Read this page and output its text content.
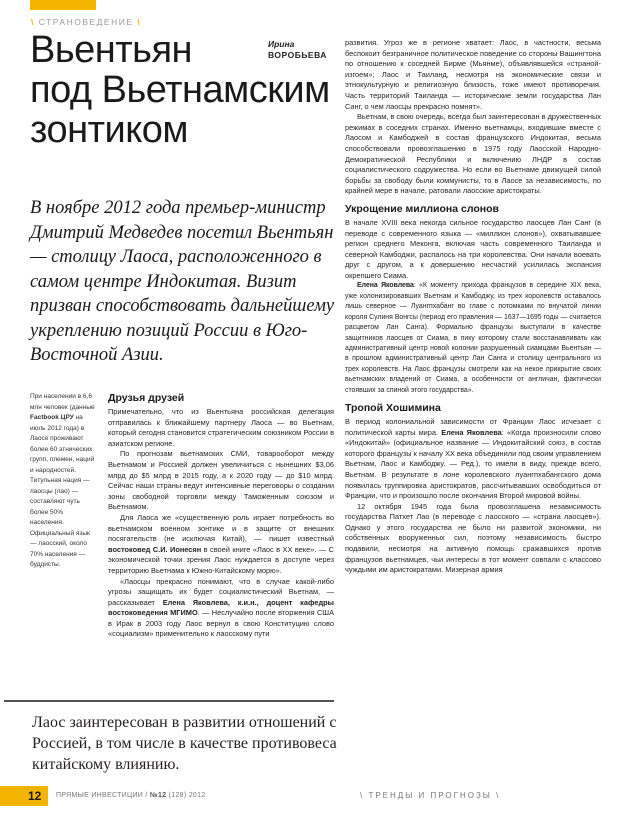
\ СТРАНОВЕДЕНИЕ \
Вьентьян
под Вьетнамским
зонтиком
Ирина
ВОРОБЬЕВА

В ноябре 2012 года премьер-министр Дмитрий Медведев посетил Вьентьян — столицу Лаоса, расположенного в самом центре Индокитая. Визит призван способствовать дальнейшему укреплению позиций России в Юго-Восточной Азии.

При населении в 6,6 млн человек (данные Factbook ЦРУ на июль 2012 года) в Лаосе проживают более 60 этнических групп, племен, наций и народностей. Титульная нация — лаосцы (лао) — составляют чуть более 50% населения. Официальный язык — лаосский, около 70% населения — буддисты.
Друзья друзей

Примечательно, что из Вьентьяна российская делегация отправилась к ближайшему партнеру Лаоса — во Вьетнам, который сегодня становится стратегическим союзником России в азиатском регионе.

По прогнозам вьетнамских СМИ, товарооборот между Вьетнамом и Россией должен увеличиться с нынешних $3,06 млрд до $5 млрд в 2015 году, а к 2020 году — до $10 млрд. Сейчас наши страны ведут интенсивные переговоры о создании зоны свободной торговли между Таможенным союзом и Вьетнамом.

Для Лаоса же «существенную роль играет потребность во вьетнамском военном зонтике и в защите от внешних посягательств (не исключая Китай), — пишет известный востоковед С.И. Ионесян в своей книге «Лаос в XX веке». — С экономической точки зрения Лаос нуждается в доступе через территорию Вьетнама к Южно-Китайскому морю».

«Лаосцы прекрасно понимают, что в случае какой-либо угрозы защищать их будет социалистический Вьетнам, — рассказывает Елена Яковлева, к.и.н., доцент кафедры востоковедения МГИМО. — Неслучайно после вторжения США в Ирак в 2003 году Лаос вернул в свою Конституцию слово «социализм» применительно к лаосскому пути

развития. Угроз же в регионе хватает: Лаос, в частности, весьма беспокоит безграничное политическое поведение со стороны Вашингтона по отношению к соседней Бирме (Мьянме), объявлявшейся «страной-изгоем»; Лаос и Таиланд, несмотря на экономические связи и этнокультурную и религиозную близость, тоже имеют противоречия. Часть территорий Таиланда — исторические земли государства Лан Санг, о чем лаосцы прекрасно помнят».

Вьетнам, в свою очередь, всегда был заинтересован в дружественных режимах в соседних странах. Именно вьетнамцы, входившие вместе с Лаосом и Камбоджей в состав французского Индокитая, весьма способствовали провозглашению в 1975 году Лаосской Народно-Демократической Республики и включению ЛНДР в состав социалистического содружества. Но если во Вьетнаме движущей силой борьбы за свободу были коммунисты, то в Лаосе за независимость, по крайней мере в начале, ратовали лаосские аристократы.

Укрощение миллиона слонов

В начале XVIII века некогда сильное государство лаосцев Лан Санг (в переводе с современного языка — «миллион слонов»), охватывавшее регион среднего Меконга, включая часть современного Таиланда и северной Камбоджи, распалось на три королевства. Они начали воевать друг с другом, а к довершению несчастий усилилась экспансия окрепшего Сиама.

Елена Яковлева: «К моменту прихода французов в середине XIX века, уже колонизировавших Вьетнам и Камбоджу, из трех королевств оставалось лишь северное — Луангпхабанг во главе с потомками по внучатой линии короля Сулиня Вонгсы (период его правления — 1637—1695 годы — считается расцветом Лан Санга). Формально французы выступали в качестве защитников лаосцев от Сиама, в пику которому стали восстанавливать как административный центр новой колонии разрушенный сиамцами Вьентьян — в прошлом административный центр Лан Санга и столицу центрального из трех королевств. На Лаос французы смотрели как на некое прикрытие своих вьетнамских владений от Сиама, а особенности от англичан, фактически стоявших за спиной этого государства».

Тропой Хошимина

В период колониальной зависимости от Франции Лаос исчезает с политической карты мира. Елена Яковлева: «Когда произносили слово «Индокитай» (официальное название — Индокитайский союз, в состав которого французы к началу XX века объединили под своим управлением Вьетнам, Лаос и Камбоджу. — Ред.), то имели в виду, прежде всего, Вьетнам. В результате в лоне королевского луангпхабангского дома появилась группировка аристократов, рассчитывавших освободиться от Франции, что и произошло после окончания Второй мировой войны.

12 октября 1945 года была провозглашена независимость государства Патхет Лао (в переводе с лаосского — «страна лаосцев»). Однако у этого государства не было ни развитой экономики, ни собственных вооруженных сил, поэтому независимость быстро подавили, несмотря на активную помощь сражавшихся против французов вьетнамцев, чьи интересы в тот момент совпали с классово чуждыми им аристократами. Мизерная армия

Лаос заинтересован в развитии отношений с Россией, в том числе в качестве противовеса китайскому влиянию.

12 ПРЯМЫЕ ИНВЕСТИЦИИ / №12 (128) 2012	\ ТРЕНДЫ И ПРОГНОЗЫ \
